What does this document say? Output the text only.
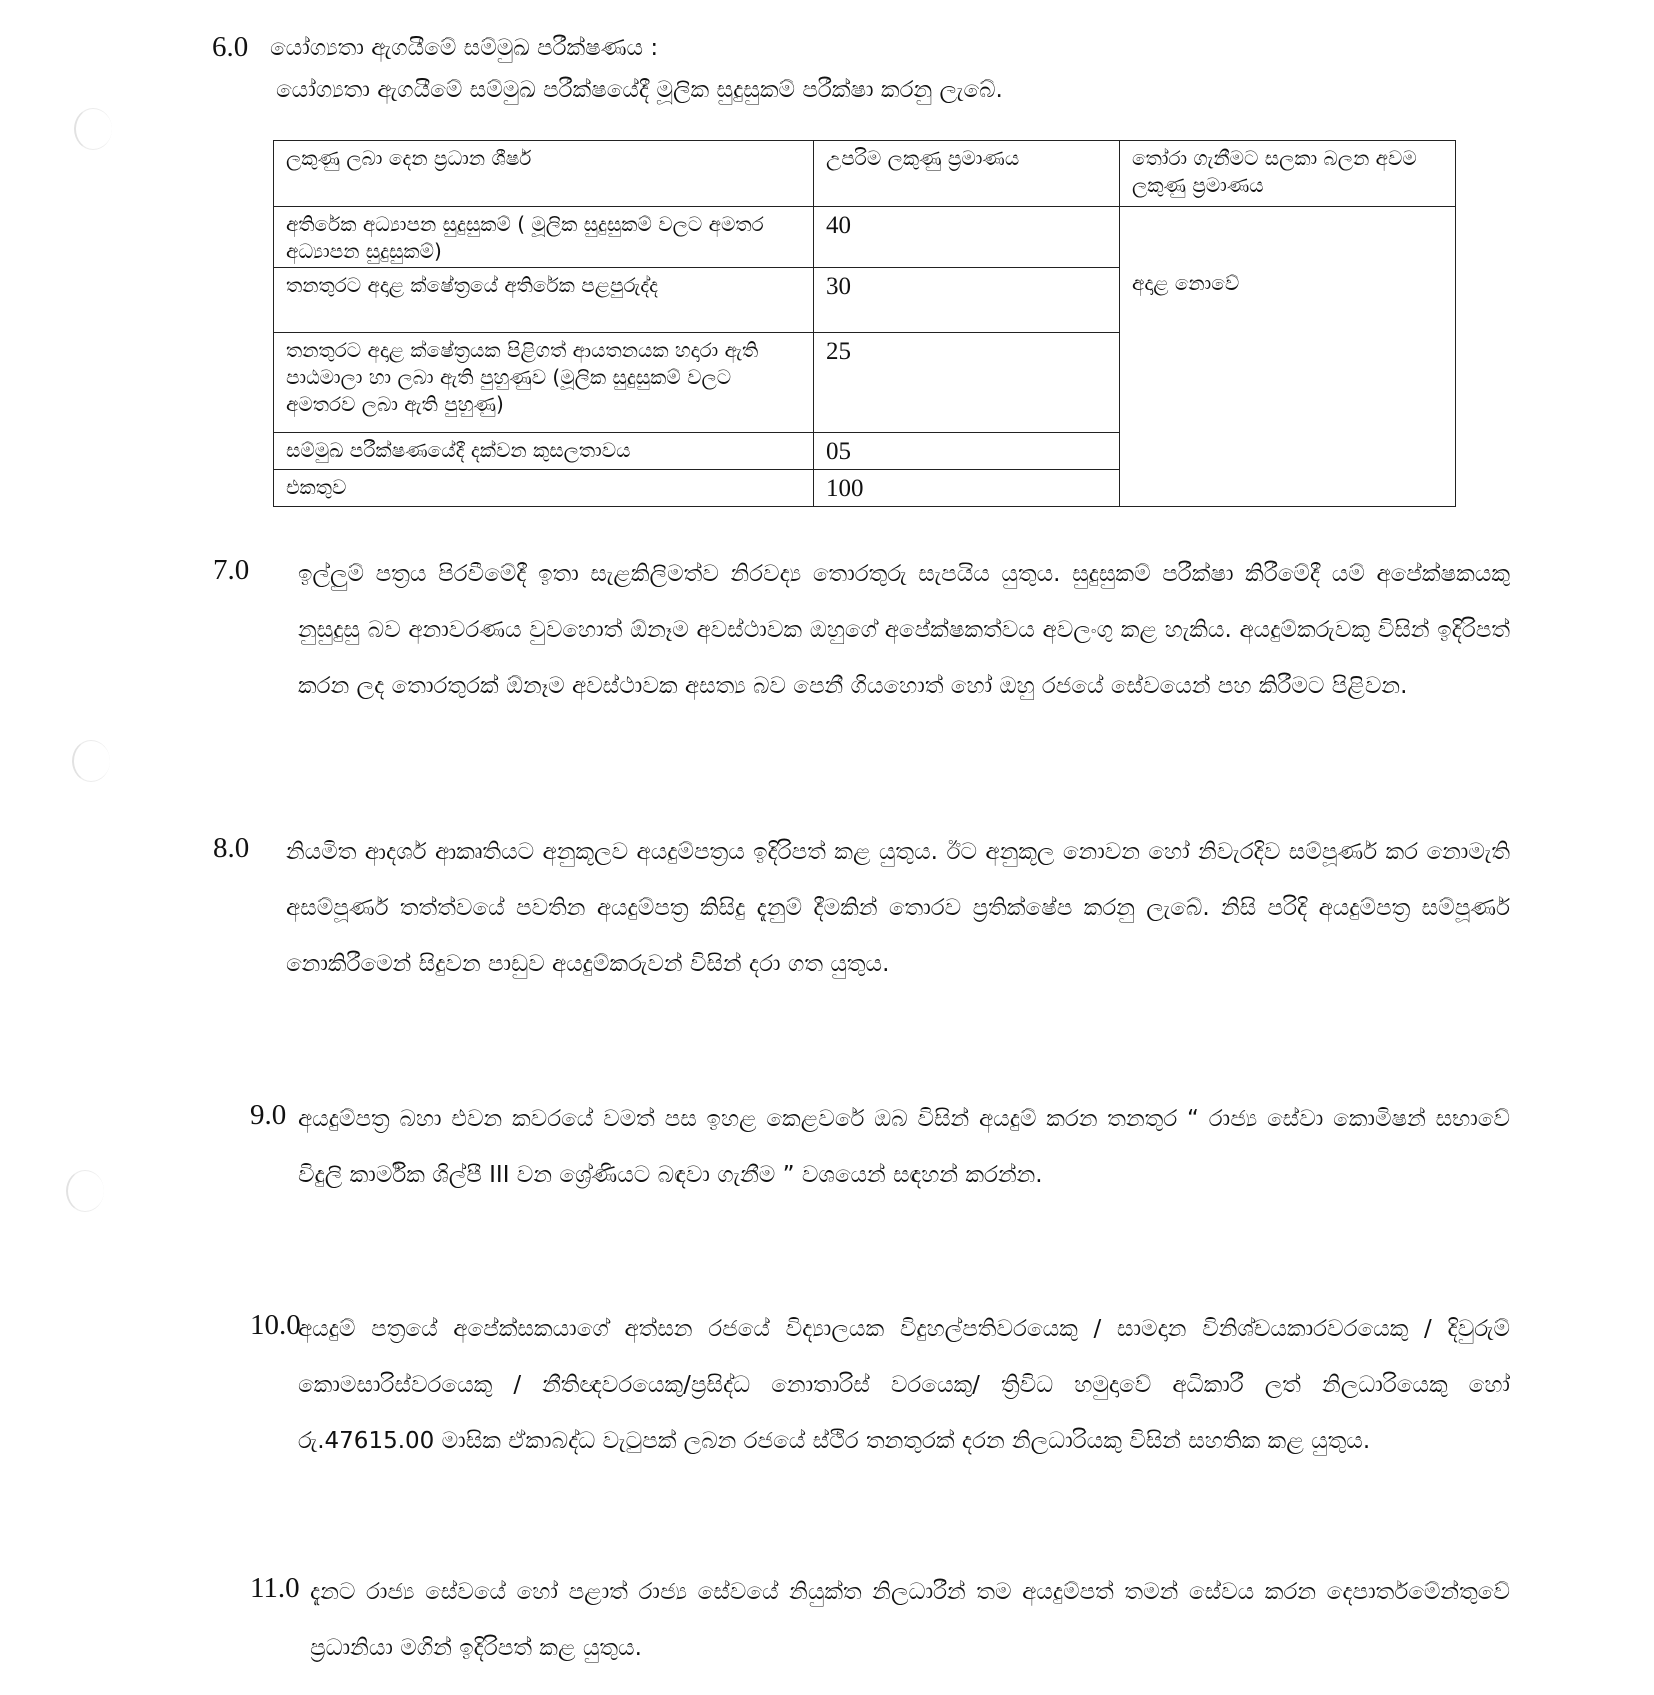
6.0 යෝග්‍යතා ඇගයීමේ සම්මුඛ පරීක්ෂණය :
යෝග්‍යතා ඇගයීමේ සම්මුඛ පරීක්ෂයේදී මූලික සුදුසුකම් පරීක්ෂා කරනු ලැබේ.
ලකුණු ලබා දෙන ප්‍රධාන ශීර්ෂ	උපරිම ලකුණු ප්‍රමාණය	තෝරා ගැනීමට සලකා බලන අවම ලකුණු ප්‍රමාණය
අතිරේක අධ්‍යාපන සුදුසුකම් ( මූලික සුදුසුකම් වලට අමතර අධ්‍යාපන සුදුසුකම්)	40	අදාළ නොවේ
තනතුරට අදාළ ක්ෂේත්‍රයේ අතිරේක පළපුරුද්ද	30	
තනතුරට අදාළ ක්ෂේත්‍රයක පිළිගත් ආයතනයක හදාරා ඇති පාඨමාලා හා ලබා ඇති පුහුණුව (මූලික සුදුසුකම් වලට අමතරව ලබා ඇති පුහුණු)	25	
සම්මුඛ පරීක්ෂණයේදී දක්වන කුසලතාවය	05	
එකතුව	100	
7.0 ඉල්ලුම් පත්‍රය පිරවීමේදී ඉතා සැළකිලිමත්ව නිරවද්‍ය තොරතුරු සැපයිය යුතුය. සුදුසුකම් පරීක්ෂා කිරීමේදී යම් අපේක්ෂකයකු නුසුදුසු බව අනාවරණය වුවහොත් ඕනෑම අවස්ථාවක ඔහුගේ අපේක්ෂකත්වය අවලංගු කළ හැකිය. අයදුම්කරුවකු විසින් ඉදිරිපත් කරන ලද තොරතුරක් ඕනෑම අවස්ථාවක අසත්‍ය බව පෙනී ගියහොත් හෝ ඔහු රජයේ සේවයෙන් පහ කිරීමට පිළිවන.
8.0 නියමිත ආදර්ශ ආකෘතියට අනුකූලව අයදුම්පත්‍රය ඉදිරිපත් කළ යුතුය. ඊට අනුකූල නොවන හෝ නිවැරදිව සම්පූර්ණ කර නොමැති අසම්පූර්ණ තත්ත්වයේ පවතින අයදුම්පත්‍ර කිසිදු දැනුම් දීමකින් තොරව ප්‍රතික්ෂේප කරනු ලැබේ. නිසි පරිදි අයදුම්පත්‍ර සම්පූර්ණ නොකිරීමෙන් සිදුවන පාඩුව අයදුම්කරුවන් විසින් දරා ගත යුතුය.
9.0 අයදුම්පත්‍ර බහා එවන කවරයේ වමත් පස ඉහළ කෙළවරේ ඔබ විසින් අයදුම් කරන තනතුර “ රාජ්‍ය සේවා කොමිෂන් සභාවේ විදුලි කාර්මික ශිල්පී III වන ශ්‍රේණියට බඳවා ගැනීම ” වශයෙන් සඳහන් කරන්න.
10.0
අයදුම් පත්‍රයේ අපේක්සකයාගේ අත්සන රජයේ විද්‍යාලයක විදුහල්පතිවරයෙකු / සාමදාන විනිශ්චයකාරවරයෙකු / දිවුරුම් කොමසාරිස්වරයෙකු / නීතිඥවරයෙකු/ප්‍රසිද්ධ නොතාරිස් වරයෙකු/ ත්‍රිවිධ හමුදාවේ අධිකාරී ලත් නිලධාරියෙකු හෝ රු.47615.00 මාසික ඒකාබද්ධ වැටුපක් ලබන රජයේ ස්ථිර තනතුරක් දරන නිලධාරියකු විසින් සහතික කළ යුතුය.
11.0 දැනට රාජ්‍ය සේවයේ හෝ පළාත් රාජ්‍ය සේවයේ නියුක්ත නිලධාරීන් තම අයදුම්පත් තමන් සේවය කරන දෙපාර්තමේන්තුවේ ප්‍රධානියා මගින් ඉදිරිපත් කළ යුතුය.
